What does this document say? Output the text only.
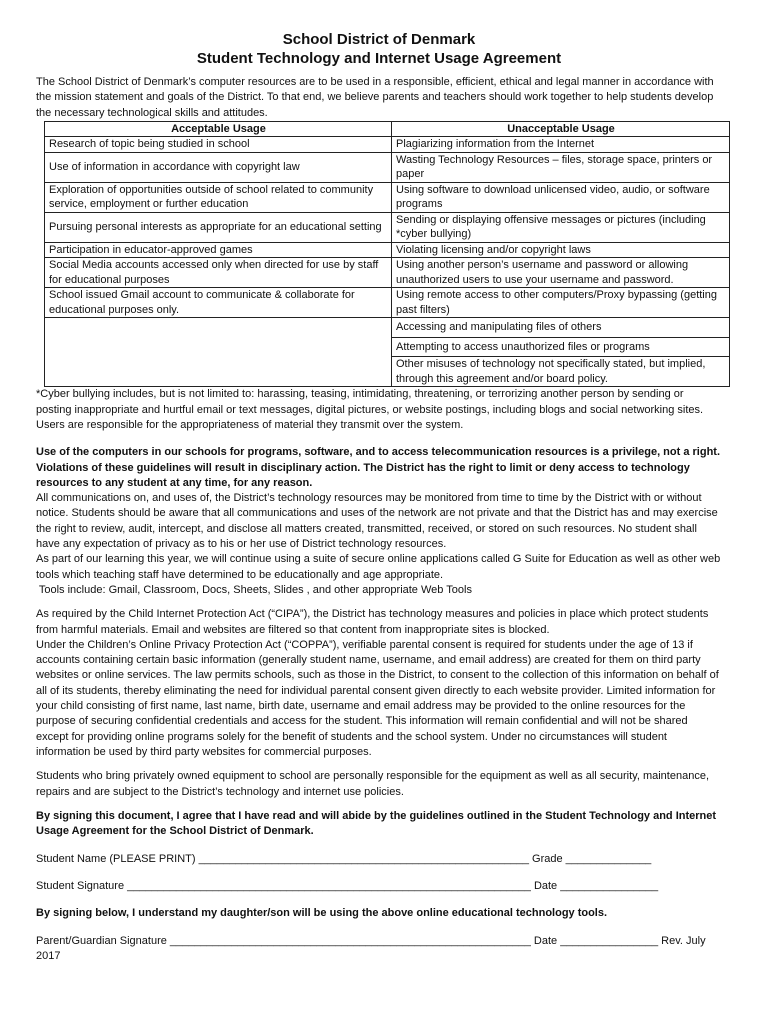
School District of Denmark
Student Technology and Internet Usage Agreement

The School District of Denmark’s computer resources are to be used in a responsible, efficient, ethical and legal manner in accordance with the mission statement and goals of the District. To that end, we believe parents and teachers should work together to help students develop the necessary technological skills and attitudes.

Acceptable Usage	Unacceptable Usage
Research of topic being studied in school	Plagiarizing information from the Internet
Use of information in accordance with copyright law	Wasting Technology Resources – files, storage space, printers or paper
Exploration of opportunities outside of school related to community service, employment or further education	Using software to download unlicensed video, audio, or software programs
Pursuing personal interests as appropriate for an educational setting	Sending or displaying offensive messages or pictures (including *cyber bullying)
Participation in educator-approved games	Violating licensing and/or copyright laws
Social Media accounts accessed only when directed for use by staff for educational purposes	Using another person’s username and password or allowing unauthorized users to use your username and password.
School issued Gmail account to communicate & collaborate for educational purposes only.	Using remote access to other computers/Proxy bypassing (getting past filters)
	Accessing and manipulating files of others
	Attempting to access unauthorized files or programs
	Other misuses of technology not specifically stated, but implied, through this agreement and/or board policy.

*Cyber bullying includes, but is not limited to: harassing, teasing, intimidating, threatening, or terrorizing another person by sending or posting inappropriate and hurtful email or text messages, digital pictures, or website postings, including blogs and social networking sites. Users are responsible for the appropriateness of material they transmit over the system.

Use of the computers in our schools for programs, software, and to access telecommunication resources is a privilege, not a right. Violations of these guidelines will result in disciplinary action. The District has the right to limit or deny access to technology resources to any student at any time, for any reason.

All communications on, and uses of, the District’s technology resources may be monitored from time to time by the District with or without notice. Students should be aware that all communications and uses of the network are not private and that the District has and may exercise the right to review, audit, intercept, and disclose all matters created, transmitted, received, or stored on such resources. No student shall have any expectation of privacy as to his or her use of District technology resources.

As part of our learning this year, we will continue using a suite of secure online applications called G Suite for Education as well as other web tools which teaching staff have determined to be educationally and age appropriate.

Tools include: Gmail, Classroom, Docs, Sheets, Slides , and other appropriate Web Tools

As required by the Child Internet Protection Act (“CIPA”), the District has technology measures and policies in place which protect students from harmful materials. Email and websites are filtered so that content from inappropriate sites is blocked.

Under the Children’s Online Privacy Protection Act (“COPPA”), verifiable parental consent is required for students under the age of 13 if accounts containing certain basic information (generally student name, username, and email address) are created for them on third party websites or online services. The law permits schools, such as those in the District, to consent to the collection of this information on behalf of all of its students, thereby eliminating the need for individual parental consent given directly to each website provider. Limited information for your child consisting of first name, last name, birth date, username and email address may be provided to the online resources for the purpose of securing confidential credentials and access for the student. This information will remain confidential and will not be shared except for providing online programs solely for the benefit of students and the school system. Under no circumstances will student information be used by third party websites for commercial purposes.

Students who bring privately owned equipment to school are personally responsible for the equipment as well as all security, maintenance, repairs and are subject to the District’s technology and internet use policies.

By signing this document, I agree that I have read and will abide by the guidelines outlined in the Student Technology and Internet Usage Agreement for the School District of Denmark.

Student Name (PLEASE PRINT) ______________________________________________________ Grade ______________
Student Signature __________________________________________________________________ Date ________________

By signing below, I understand my daughter/son will be using the above online educational technology tools.

Parent/Guardian Signature ___________________________________________________________ Date ________________ Rev. July 2017
